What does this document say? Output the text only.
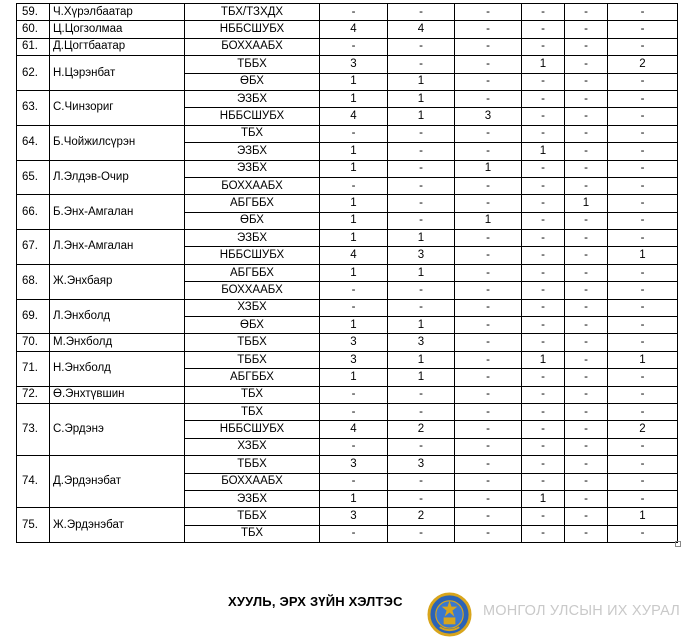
59.	Ч.Хүрэлбаатар	ТБХ/ТЗХДХ	-	-	-	-	-	-
60.	Ц.Цогзолмаа	НББСШУБХ	4	4	-	-	-	-
61.	Д.Цогтбаатар	БОХХААБХ	-	-	-	-	-	-
62.	Н.Цэрэнбат	ТББХ	3	-	-	1	-	2
		ӨБХ	1	1	-	-	-	-
63.	С.Чинзориг	ЭЗБХ	1	1	-	-	-	-
		НББСШУБХ	4	1	3	-	-	-
64.	Б.Чойжилсүрэн	ТБХ	-	-	-	-	-	-
		ЭЗБХ	1	-	-	1	-	-
65.	Л.Элдэв-Очир	ЭЗБХ	1	-	1	-	-	-
		БОХХААБХ	-	-	-	-	-	-
66.	Б.Энх-Амгалан	АБГББХ	1	-	-	-	1	-
		ӨБХ	1	-	1	-	-	-
67.	Л.Энх-Амгалан	ЭЗБХ	1	1	-	-	-	-
		НББСШУБХ	4	3	-	-	-	1
68.	Ж.Энхбаяр	АБГББХ	1	1	-	-	-	-
		БОХХААБХ	-	-	-	-	-	-
69.	Л.Энхболд	ХЗБХ	-	-	-	-	-	-
		ӨБХ	1	1	-	-	-	-
70.	М.Энхболд	ТББХ	3	3	-	-	-	-
71.	Н.Энхболд	ТББХ	3	1	-	1	-	1
		АБГББХ	1	1	-	-	-	-
72.	Ө.Энхтүвшин	ТБХ	-	-	-	-	-	-
73.	С.Эрдэнэ	ТБХ	-	-	-	-	-	-
		НББСШУБХ	4	2	-	-	-	2
		ХЗБХ	-	-	-	-	-	-
74.	Д.Эрдэнэбат	ТББХ	3	3	-	-	-	-
		БОХХААБХ	-	-	-	-	-	-
		ЭЗБХ	1	-	-	1	-	-
75.	Ж.Эрдэнэбат	ТББХ	3	2	-	-	-	1
		ТБХ	-	-	-	-	-	-
ХУУЛЬ, ЭРХ ЗҮЙН ХЭЛТЭС
МОНГОЛ УЛСЫН ИХ ХУРАЛ
